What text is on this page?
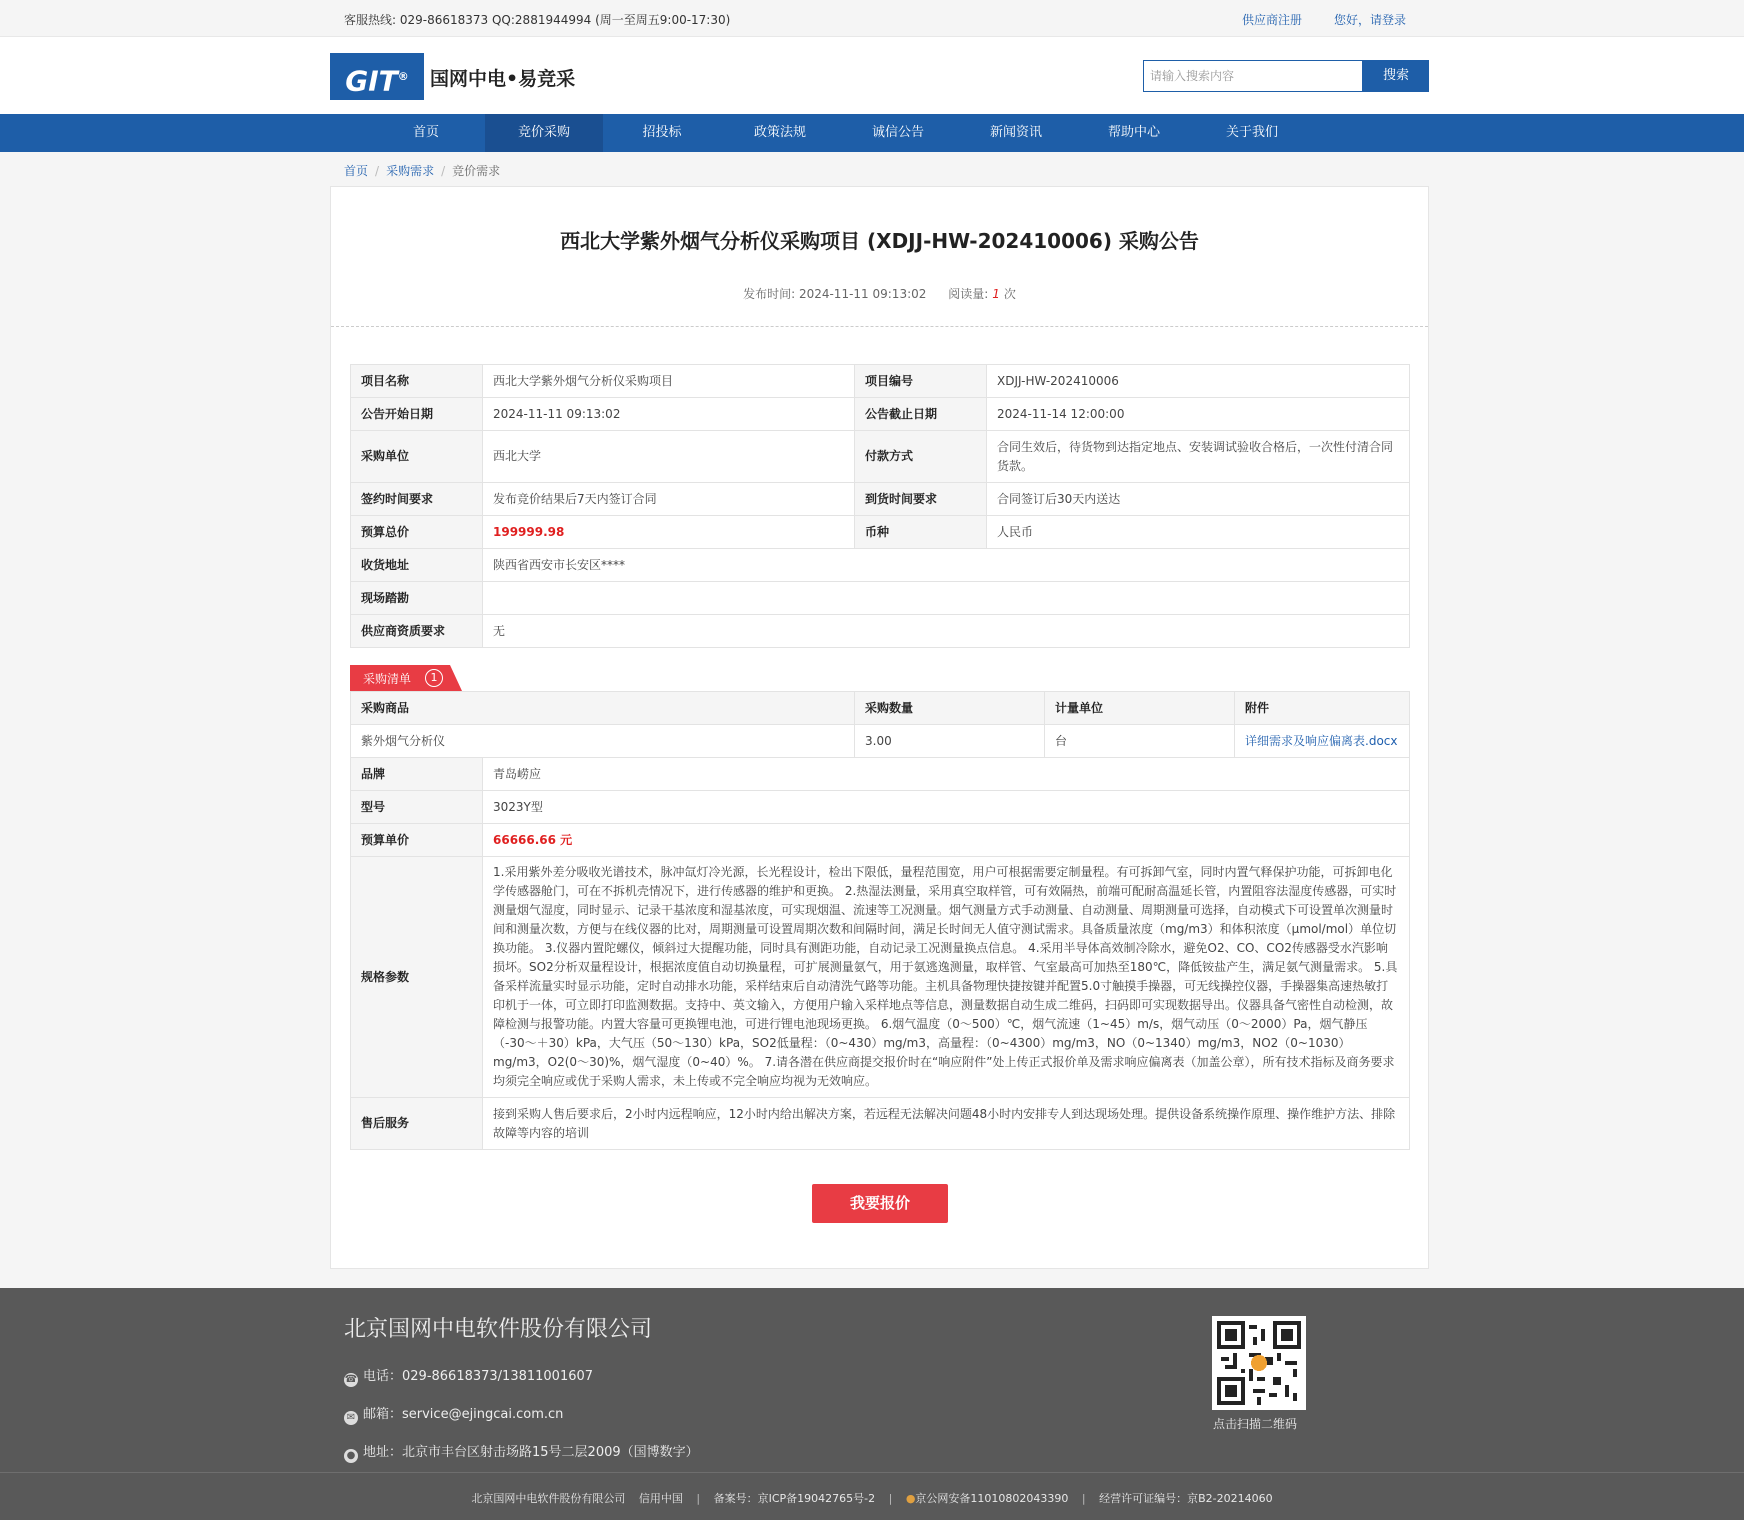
客服热线: 029-86618373 QQ:2881944994 (周一至周五9:00-17:30)	供应商注册	您好，请登录
GIT®	国网中电•易竞采	请输入搜索内容	搜索
首页	竞价采购	招投标	政策法规	诚信公告	新闻资讯	帮助中心	关于我们
首页 / 采购需求 / 竞价需求
西北大学紫外烟气分析仪采购项目 (XDJJ-HW-202410006) 采购公告
发布时间: 2024-11-11 09:13:02 阅读量: 1 次
项目名称	西北大学紫外烟气分析仪采购项目	项目编号	XDJJ-HW-202410006
公告开始日期	2024-11-11 09:13:02	公告截止日期	2024-11-14 12:00:00
采购单位	西北大学	付款方式	合同生效后，待货物到达指定地点、安装调试验收合格后，一次性付清合同货款。
签约时间要求	发布竞价结果后7天内签订合同	到货时间要求	合同签订后30天内送达
预算总价	199999.98	币种	人民币
收货地址	陕西省西安市长安区****		
现场踏勘			
供应商资质要求	无		
采购清单	1
采购商品		采购数量	计量单位	附件
紫外烟气分析仪		3.00	台	详细需求及响应偏离表.docx
品牌	青岛崂应			
型号	3023Y型			
预算单价	66666.66 元			
规格参数	1.采用紫外差分吸收光谱技术，脉冲氙灯冷光源，长光程设计，检出下限低，量程范围宽，用户可根据需要定制量程。有可拆卸气室，同时内置气释保护功能，可拆卸电化学传感器舱门，可在不拆机壳情况下，进行传感器的维护和更换。 2.热湿法测量，采用真空取样管，可有效隔热，前端可配耐高温延长管，内置阻容法湿度传感器，可实时测量烟气湿度，同时显示、记录干基浓度和湿基浓度，可实现烟温、流速等工况测量。烟气测量方式手动测量、自动测量、周期测量可选择，自动模式下可设置单次测量时间和测量次数，方便与在线仪器的比对，周期测量可设置周期次数和间隔时间，满足长时间无人值守测试需求。具备质量浓度（mg/m3）和体积浓度（μmol/mol）单位切换功能。 3.仪器内置陀螺仪，倾斜过大提醒功能，同时具有测距功能，自动记录工况测量换点信息。 4.采用半导体高效制冷除水，避免O2、CO、CO2传感器受水汽影响损坏。SO2分析双量程设计，根据浓度值自动切换量程，可扩展测量氨气，用于氨逃逸测量，取样管、气室最高可加热至180℃，降低铵盐产生，满足氨气测量需求。 5.具备采样流量实时显示功能，定时自动排水功能，采样结束后自动清洗气路等功能。主机具备物理快捷按键并配置5.0寸触摸手操器，可无线操控仪器，手操器集高速热敏打印机于一体，可立即打印监测数据。支持中、英文输入，方便用户输入采样地点等信息，测量数据自动生成二维码，扫码即可实现数据导出。仪器具备气密性自动检测，故障检测与报警功能。内置大容量可更换锂电池，可进行锂电池现场更换。 6.烟气温度（0～500）℃，烟气流速（1~45）m/s，烟气动压（0～2000）Pa，烟气静压（-30～＋30）kPa，大气压（50～130）kPa，SO2低量程：（0~430）mg/m3，高量程：（0~4300）mg/m3，NO（0~1340）mg/m3，NO2（0~1030）mg/m3，O2(0～30)%，烟气湿度（0~40）%。 7.请各潜在供应商提交报价时在“响应附件”处上传正式报价单及需求响应偏离表（加盖公章），所有技术指标及商务要求均须完全响应或优于采购人需求，未上传或不完全响应均视为无效响应。			
售后服务	接到采购人售后要求后，2小时内远程响应，12小时内给出解决方案，若远程无法解决问题48小时内安排专人到达现场处理。提供设备系统操作原理、操作维护方法、排除故障等内容的培训			
我要报价
北京国网中电软件股份有限公司
☎ 电话：029-86618373/13811001607
✉ 邮箱：service@ejingcai.com.cn
● 地址：北京市丰台区射击场路15号二层2009（国博数字）
点击扫描二维码
北京国网中电软件股份有限公司 信用中国 | 备案号：京ICP备19042765号-2 | ●京公网安备11010802043390 | 经营许可证编号：京B2-20214060
